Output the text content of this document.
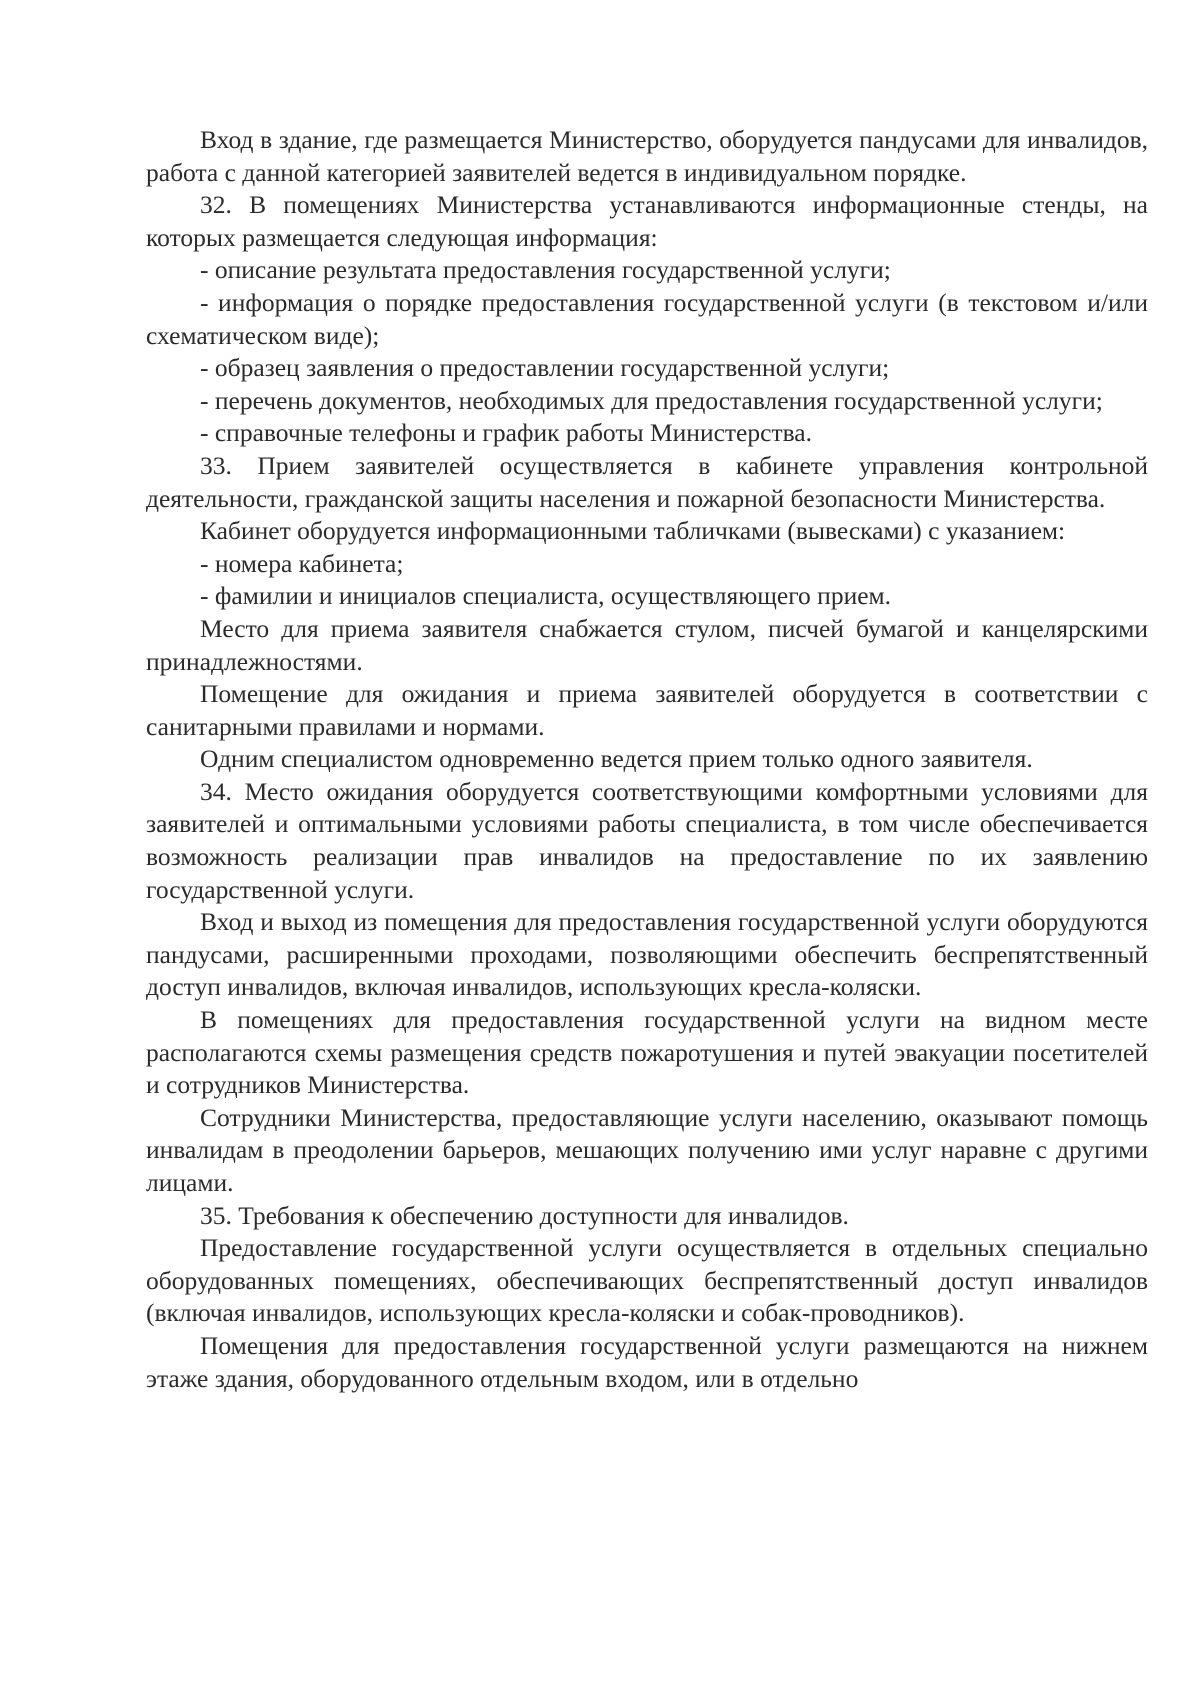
Вход в здание, где размещается Министерство, оборудуется пандусами для инвалидов, работа с данной категорией заявителей ведется в индивидуальном порядке.

32. В помещениях Министерства устанавливаются информационные стенды, на которых размещается следующая информация:

- описание результата предоставления государственной услуги;

- информация о порядке предоставления государственной услуги (в текстовом и/или схематическом виде);

- образец заявления о предоставлении государственной услуги;

- перечень документов, необходимых для предоставления государственной услуги;

- справочные телефоны и график работы Министерства.

33. Прием заявителей осуществляется в кабинете управления контрольной деятельности, гражданской защиты населения и пожарной безопасности Министерства.

Кабинет оборудуется информационными табличками (вывесками) с указанием:

- номера кабинета;

- фамилии и инициалов специалиста, осуществляющего прием.

Место для приема заявителя снабжается стулом, писчей бумагой и канцелярскими принадлежностями.

Помещение для ожидания и приема заявителей оборудуется в соответствии с санитарными правилами и нормами.

Одним специалистом одновременно ведется прием только одного заявителя.

34. Место ожидания оборудуется соответствующими комфортными условиями для заявителей и оптимальными условиями работы специалиста, в том числе обеспечивается возможность реализации прав инвалидов на предоставление по их заявлению государственной услуги.

Вход и выход из помещения для предоставления государственной услуги оборудуются пандусами, расширенными проходами, позволяющими обеспечить беспрепятственный доступ инвалидов, включая инвалидов, использующих кресла-коляски.

В помещениях для предоставления государственной услуги на видном месте располагаются схемы размещения средств пожаротушения и путей эвакуации посетителей и сотрудников Министерства.

Сотрудники Министерства, предоставляющие услуги населению, оказывают помощь инвалидам в преодолении барьеров, мешающих получению ими услуг наравне с другими лицами.

35. Требования к обеспечению доступности для инвалидов.

Предоставление государственной услуги осуществляется в отдельных специально оборудованных помещениях, обеспечивающих беспрепятственный доступ инвалидов (включая инвалидов, использующих кресла-коляски и собак-проводников).

Помещения для предоставления государственной услуги размещаются на нижнем этаже здания, оборудованного отдельным входом, или в отдельно
